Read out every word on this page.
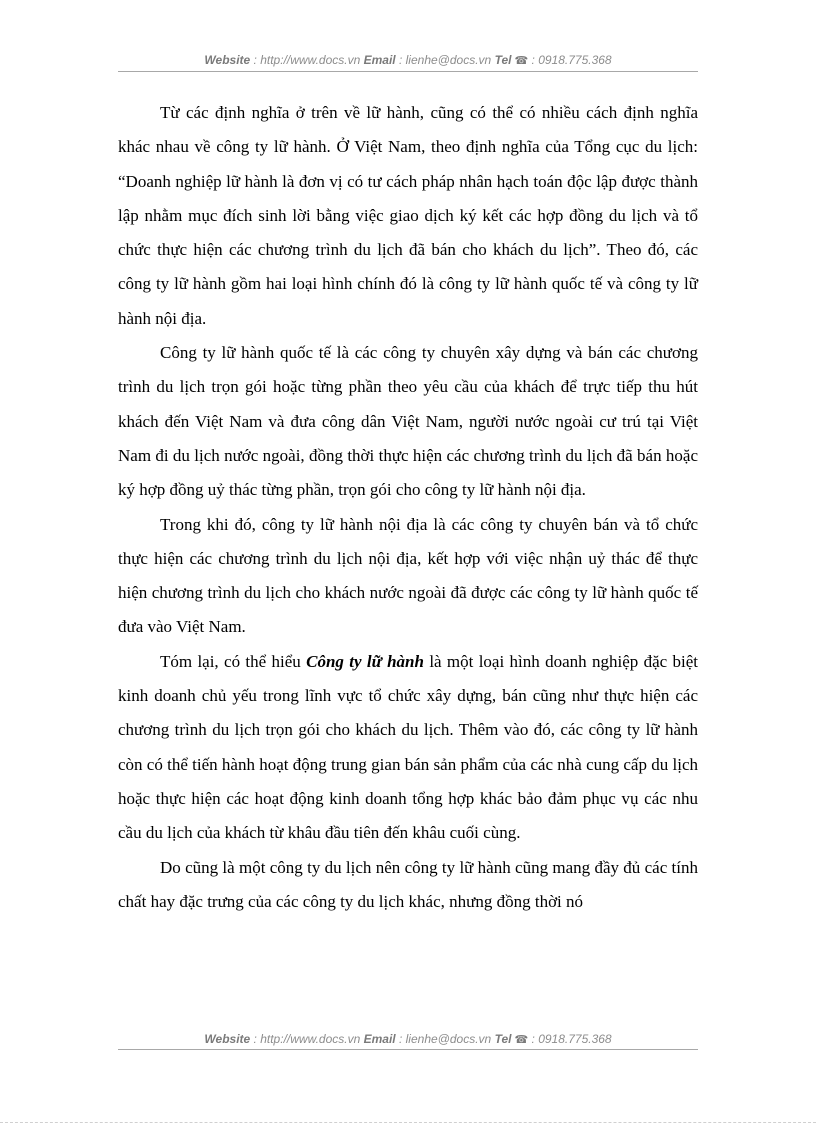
Website : http://www.docs.vn Email : lienhe@docs.vn Tel ☎ : 0918.775.368

Từ các định nghĩa ở trên về lữ hành, cũng có thể có nhiều cách định nghĩa khác nhau về công ty lữ hành. Ở Việt Nam, theo định nghĩa của Tổng cục du lịch: “Doanh nghiệp lữ hành là đơn vị có tư cách pháp nhân hạch toán độc lập được thành lập nhằm mục đích sinh lời bằng việc giao dịch ký kết các hợp đồng du lịch và tổ chức thực hiện các chương trình du lịch đã bán cho khách du lịch”. Theo đó, các công ty lữ hành gồm hai loại hình chính đó là công ty lữ hành quốc tế và công ty lữ hành nội địa.

Công ty lữ hành quốc tế là các công ty chuyên xây dựng và bán các chương trình du lịch trọn gói hoặc từng phần theo yêu cầu của khách để trực tiếp thu hút khách đến Việt Nam và đưa công dân Việt Nam, người nước ngoài cư trú tại Việt Nam đi du lịch nước ngoài, đồng thời thực hiện các chương trình du lịch đã bán hoặc ký hợp đồng uỷ thác từng phần, trọn gói cho công ty lữ hành nội địa.

Trong khi đó, công ty lữ hành nội địa là các công ty chuyên bán và tổ chức thực hiện các chương trình du lịch nội địa, kết hợp với việc nhận uỷ thác để thực hiện chương trình du lịch cho khách nước ngoài đã được các công ty lữ hành quốc tế đưa vào Việt Nam.

Tóm lại, có thể hiểu Công ty lữ hành là một loại hình doanh nghiệp đặc biệt kinh doanh chủ yếu trong lĩnh vực tổ chức xây dựng, bán cũng như thực hiện các chương trình du lịch trọn gói cho khách du lịch. Thêm vào đó, các công ty lữ hành còn có thể tiến hành hoạt động trung gian bán sản phẩm của các nhà cung cấp du lịch hoặc thực hiện các hoạt động kinh doanh tổng hợp khác bảo đảm phục vụ các nhu cầu du lịch của khách từ khâu đầu tiên đến khâu cuối cùng.

Do cũng là một công ty du lịch nên công ty lữ hành cũng mang đầy đủ các tính chất hay đặc trưng của các công ty du lịch khác, nhưng đồng thời nó

Website : http://www.docs.vn Email : lienhe@docs.vn Tel ☎ : 0918.775.368
